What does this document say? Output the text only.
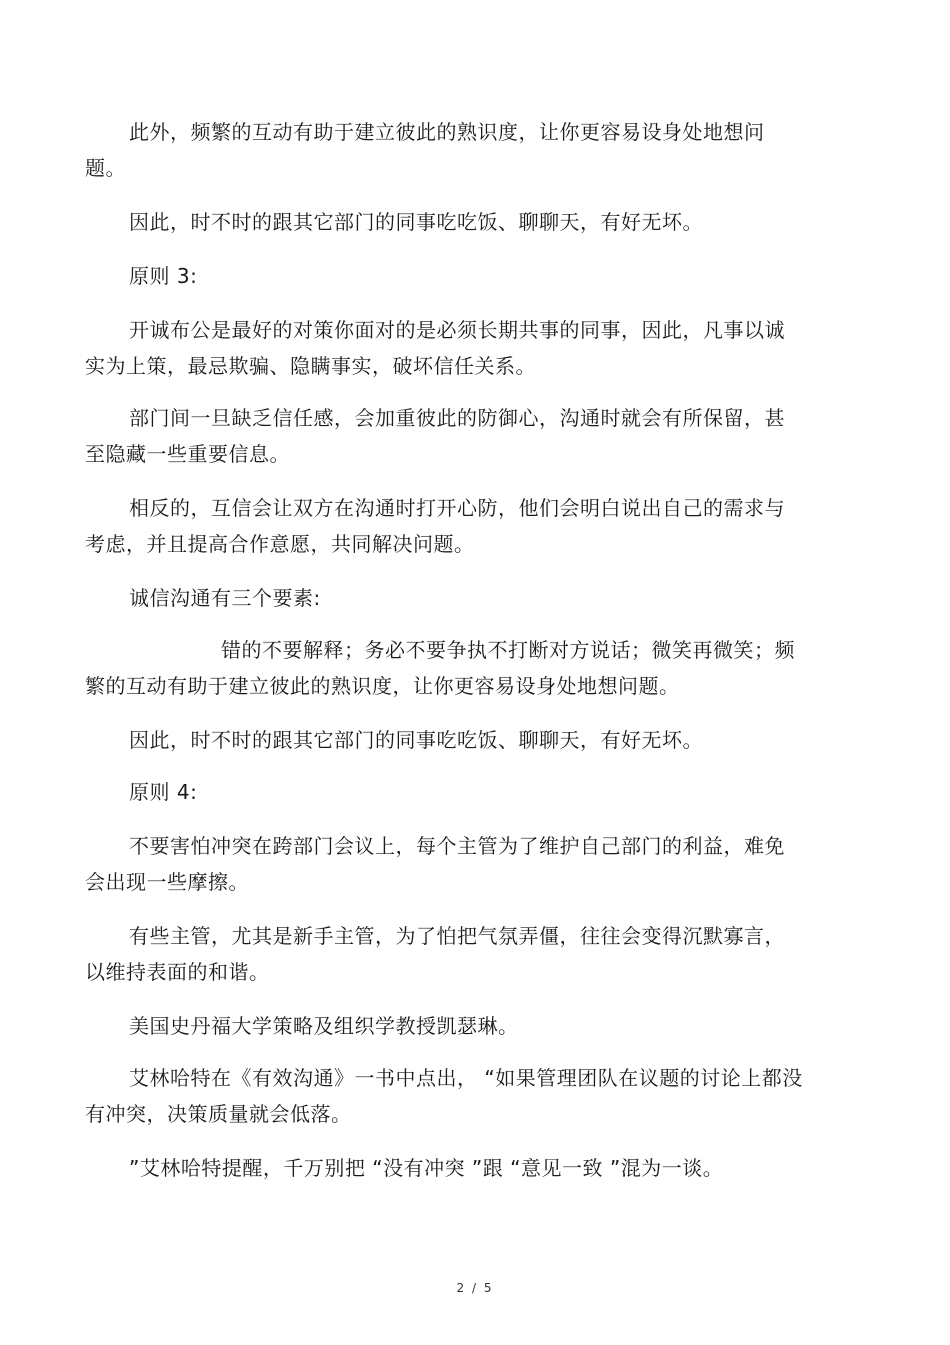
此外，频繁的互动有助于建立彼此的熟识度，让你更容易设身处地想问题。

因此，时不时的跟其它部门的同事吃吃饭、聊聊天，有好无坏。

原则 3:

开诚布公是最好的对策你面对的是必须长期共事的同事，因此，凡事以诚实为上策，最忌欺骗、隐瞒事实，破坏信任关系。

部门间一旦缺乏信任感，会加重彼此的防御心，沟通时就会有所保留，甚至隐藏一些重要信息。

相反的，互信会让双方在沟通时打开心防，他们会明白说出自己的需求与考虑，并且提高合作意愿，共同解决问题。

诚信沟通有三个要素:

错的不要解释；务必不要争执不打断对方说话；微笑再微笑；频繁的互动有助于建立彼此的熟识度，让你更容易设身处地想问题。

因此，时不时的跟其它部门的同事吃吃饭、聊聊天，有好无坏。

原则 4:

不要害怕冲突在跨部门会议上，每个主管为了维护自己部门的利益，难免会出现一些摩擦。

有些主管，尤其是新手主管，为了怕把气氛弄僵，往往会变得沉默寡言，以维持表面的和谐。

美国史丹福大学策略及组织学教授凯瑟琳。

艾林哈特在《有效沟通》一书中点出， “如果管理团队在议题的讨论上都没有冲突，决策质量就会低落。

”艾林哈特提醒，千万别把 “没有冲突 ”跟 “意见一致 ”混为一谈。

2 / 5
